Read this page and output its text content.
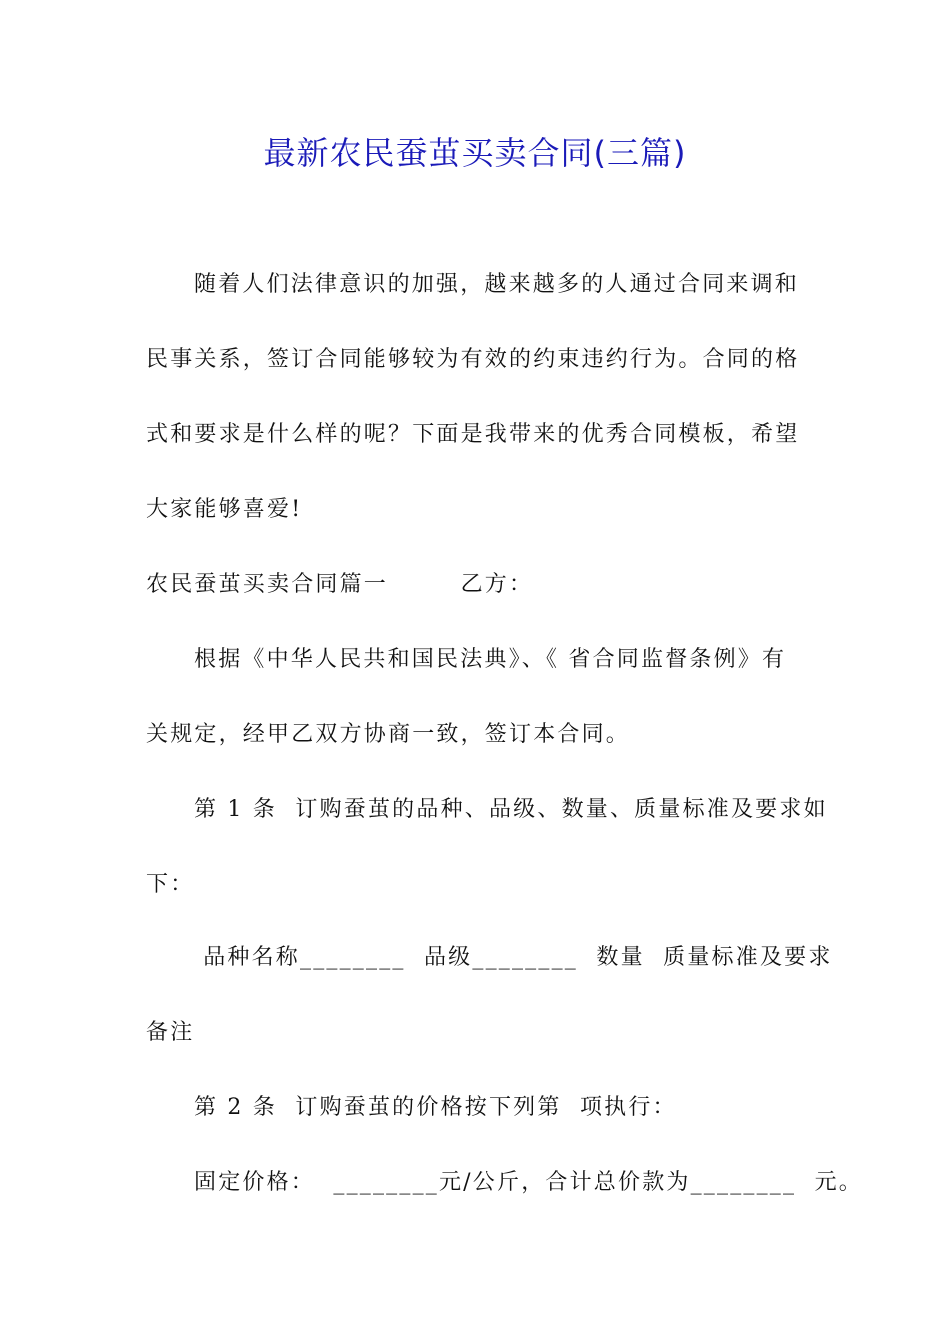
最新农民蚕茧买卖合同(三篇)
随着人们法律意识的加强，越来越多的人通过合同来调和
民事关系，签订合同能够较为有效的约束违约行为。合同的格
式和要求是什么样的呢？下面是我带来的优秀合同模板，希望
大家能够喜爱!
农民蚕茧买卖合同篇一　　　乙方：
根据《中华人民共和国民法典》、《 省合同监督条例》有
关规定，经甲乙双方协商一致，签订本合同。
第 1 条  订购蚕茧的品种、品级、数量、质量标准及要求如
下：
品种名称________  品级________  数量  质量标准及要求
备注
第 2 条  订购蚕茧的价格按下列第  项执行：
固定价格：  ________元/公斤，合计总价款为________  元。
